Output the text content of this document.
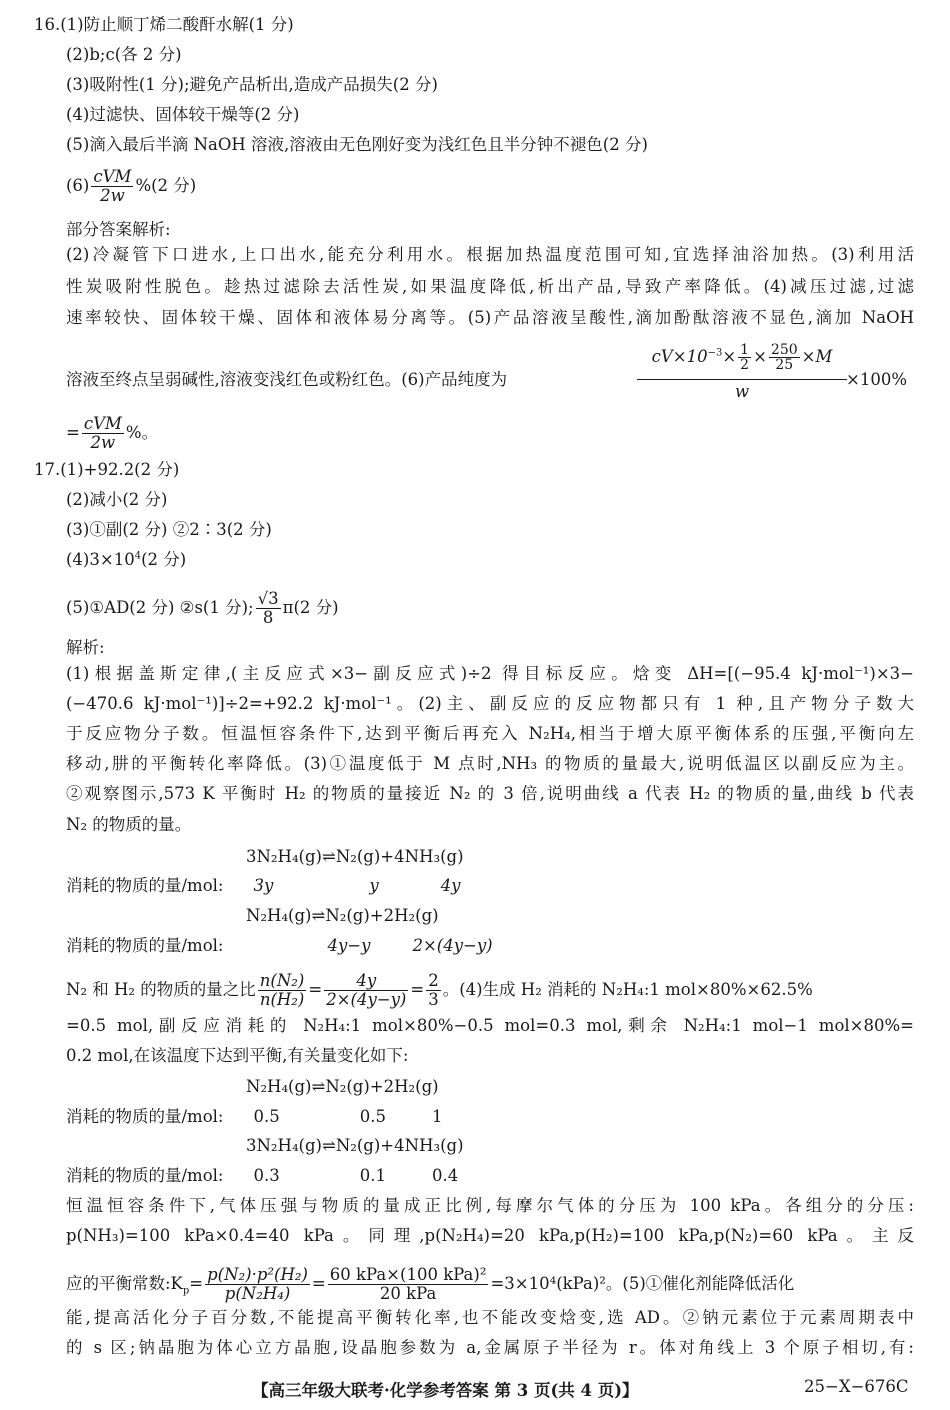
16.(1)防止顺丁烯二酸酐水解(1 分)
(2)b;c(各 2 分)
(3)吸附性(1 分);避免产品析出,造成产品损失(2 分)
(4)过滤快、固体较干燥等(2 分)
(5)滴入最后半滴 NaOH 溶液,溶液由无色刚好变为浅红色且半分钟不褪色(2 分)
$(6) \frac{\text{cVM}}{2w} \%(2$ 分)
部分答案解析:
(2)冷凝管下口进水,上口出水,能充分利用水。根据加热温度范围可知,宜选择油浴加热。(3)利用活
性炭吸附性脱色。趁热过滤除去活性炭,如果温度降低,析出产品,导致产率降低。(4)减压过滤,过滤
速率较快、固体较干燥、固体和液体易分离等。(5)产品溶液呈酸性,滴加酚酞溶液不显色,滴加 NaOH
溶液至终点呈弱碱性,溶液变浅红色或粉红色。(6)产品纯度为
$cV\times 10^{-3}\times \frac{1}{2} \times \frac{250}{25} \times M$
w
×100%
= $\frac{\text{cVM}}{2w}$ %。
17.(1)+92.2(2 分)
(2)减小(2 分)
(3)①副(2 分) ②2∶3(2 分)
$(4)3\times 10^4(2$ 分)
(5)①AD(2 分) ②s(1 分); $\frac{√3}{8} \pi(2$ 分)
解析:
(1)根据盖斯定律,(主反应式×3−副反应式)÷2 得目标反应。焓变 ΔH=[(−95.4 kJ·mol⁻¹)×3−
(−470.6 kJ·mol⁻¹)]÷2=+92.2 kJ·mol⁻¹。(2)主、副反应的反应物都只有 1 种,且产物分子数大
于反应物分子数。恒温恒容条件下,达到平衡后再充入 N₂H₄,相当于增大原平衡体系的压强,平衡向左
移动,肼的平衡转化率降低。(3)①温度低于 M 点时,NH₃ 的物质的量最大,说明低温区以副反应为主。
②观察图示,573 K 平衡时 H₂ 的物质的量接近 N₂ 的 3 倍,说明曲线 a 代表 H₂ 的物质的量,曲线 b 代表
N₂ 的物质的量。
3N₂H₄(g)⇌N₂(g)+4NH₃(g)
消耗的物质的量/mol: 3y	y	4y
N₂H₄(g)⇌N₂(g)+2H₂(g)
消耗的物质的量/mol:	4y−y	2×(4y−y)
N₂ 和 H₂ 的物质的量之比 $\frac{\text{n(N₂)}}{\text{n(H₂)}} = \frac{4y}{2\times(4y-y)} = \frac{2}{3}$ 。(4)生成 H₂ 消耗的 N₂H₄:1 mol×80%×62.5%
=0.5 mol,副反应消耗的 N₂H₄:1 mol×80%−0.5 mol=0.3 mol,剩余 N₂H₄:1 mol−1 mol×80%=
0.2 mol,在该温度下达到平衡,有关量变化如下:
N₂H₄(g)⇌N₂(g)+2H₂(g)
消耗的物质的量/mol: 0.5	0.5	1
3N₂H₄(g)⇌N₂(g)+4NH₃(g)
消耗的物质的量/mol: 0.3	0.1	0.4
恒温恒容条件下,气体压强与物质的量成正比例,每摩尔气体的分压为 100 kPa。各组分的分压:
p(NH₃)=100 kPa×0.4=40 kPa。同理,p(N₂H₄)=20 kPa,p(H₂)=100 kPa,p(N₂)=60 kPa。主反
应的平衡常数$:K_p= \frac{\text{p(N₂)·p²(H₂)}}{\text{p(N₂H₄)}} = \frac{\text{60 kPa×(100 kPa)²}}{\text{20 kPa}} =3\times 10^4(kPa)^2$。(5)①催化剂能降低活化
能,提高活化分子百分数,不能提高平衡转化率,也不能改变焓变,选 AD。②钠元素位于元素周期表中
的 s 区;钠晶胞为体心立方晶胞,设晶胞参数为 a,金属原子半径为 r。体对角线上 3 个原子相切,有:
【高三年级大联考·化学参考答案 第 3 页(共 4 页)】	25−X−676C
